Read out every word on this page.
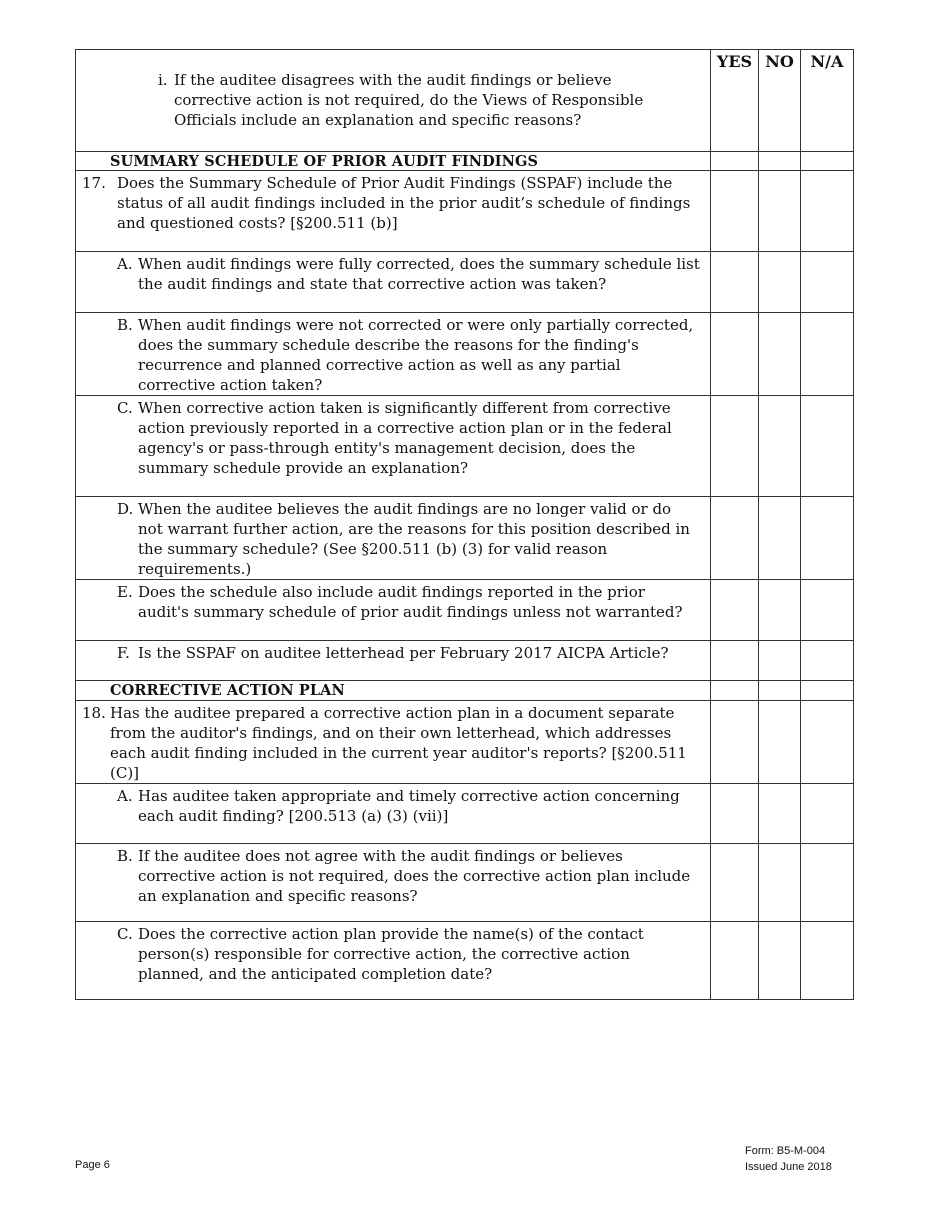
i. If the auditee disagrees with the audit findings or believe corrective action is not required, do the Views of Responsible Officials include an explanation and specific reasons?	YES	NO	N/A
SUMMARY SCHEDULE OF PRIOR AUDIT FINDINGS			

17. Does the Summary Schedule of Prior Audit Findings (SSPAF) include the status of all audit findings included in the prior audit’s schedule of findings and questioned costs? [§200.511 (b)]			

A. When audit findings were fully corrected, does the summary schedule list the audit findings and state that corrective action was taken?			

B. When audit findings were not corrected or were only partially corrected, does the summary schedule describe the reasons for the finding's recurrence and planned corrective action as well as any partial corrective action taken?			

C. When corrective action taken is significantly different from corrective action previously reported in a corrective action plan or in the federal agency's or pass-through entity's management decision, does the summary schedule provide an explanation?			

D. When the auditee believes the audit findings are no longer valid or do not warrant further action, are the reasons for this position described in the summary schedule? (See §200.511 (b) (3) for valid reason requirements.)			

E. Does the schedule also include audit findings reported in the prior audit's summary schedule of prior audit findings unless not warranted?			

F. Is the SSPAF on auditee letterhead per February 2017 AICPA Article?			

CORRECTIVE ACTION PLAN			

18. Has the auditee prepared a corrective action plan in a document separate from the auditor's findings, and on their own letterhead, which addresses each audit finding included in the current year auditor's reports? [§200.511 (C)]			

A. Has auditee taken appropriate and timely corrective action concerning each audit finding? [200.513 (a) (3) (vii)]			

B. If the auditee does not agree with the audit findings or believes corrective action is not required, does the corrective action plan include an explanation and specific reasons?			

C. Does the corrective action plan provide the name(s) of the contact person(s) responsible for corrective action, the corrective action planned, and the anticipated completion date?			

Page 6
Form: B5-M-004
Issued June 2018
